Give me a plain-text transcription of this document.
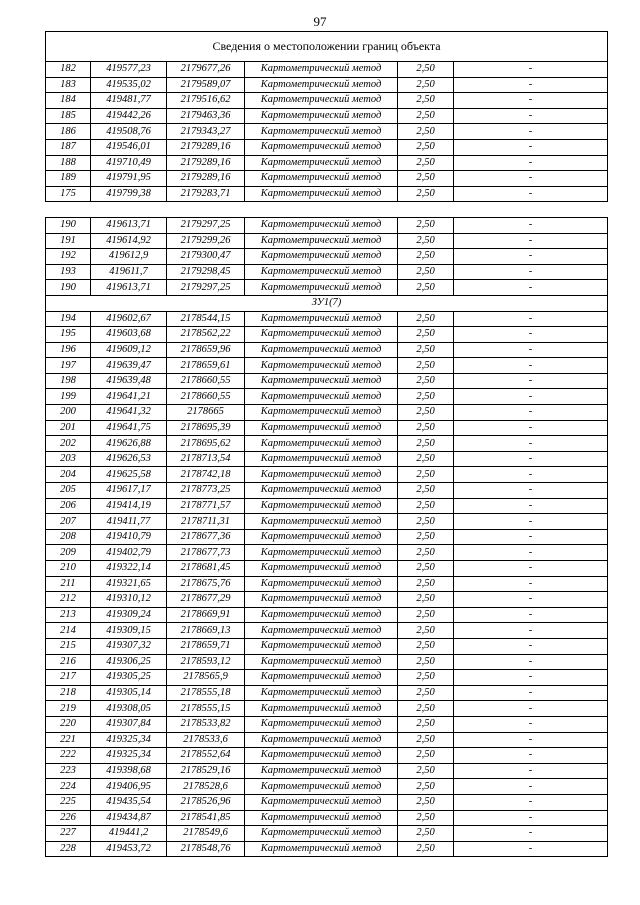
97
Сведения о местоположении границ объекта					
182	419577,23	2179677,26	Картометрический метод	2,50	-
183	419535,02	2179589,07	Картометрический метод	2,50	-
184	419481,77	2179516,62	Картометрический метод	2,50	-
185	419442,26	2179463,36	Картометрический метод	2,50	-
186	419508,76	2179343,27	Картометрический метод	2,50	-
187	419546,01	2179289,16	Картометрический метод	2,50	-
188	419710,49	2179289,16	Картометрический метод	2,50	-
189	419791,95	2179289,16	Картометрический метод	2,50	-
175	419799,38	2179283,71	Картометрический метод	2,50	-

190	419613,71	2179297,25	Картометрический метод	2,50	-
191	419614,92	2179299,26	Картометрический метод	2,50	-
192	419612,9	2179300,47	Картометрический метод	2,50	-
193	419611,7	2179298,45	Картометрический метод	2,50	-
190	419613,71	2179297,25	Картометрический метод	2,50	-
ЗУ1(7)					
194	419602,67	2178544,15	Картометрический метод	2,50	-
195	419603,68	2178562,22	Картометрический метод	2,50	-
196	419609,12	2178659,96	Картометрический метод	2,50	-
197	419639,47	2178659,61	Картометрический метод	2,50	-
198	419639,48	2178660,55	Картометрический метод	2,50	-
199	419641,21	2178660,55	Картометрический метод	2,50	-
200	419641,32	2178665	Картометрический метод	2,50	-
201	419641,75	2178695,39	Картометрический метод	2,50	-
202	419626,88	2178695,62	Картометрический метод	2,50	-
203	419626,53	2178713,54	Картометрический метод	2,50	-
204	419625,58	2178742,18	Картометрический метод	2,50	-
205	419617,17	2178773,25	Картометрический метод	2,50	-
206	419414,19	2178771,57	Картометрический метод	2,50	-
207	419411,77	2178711,31	Картометрический метод	2,50	-
208	419410,79	2178677,36	Картометрический метод	2,50	-
209	419402,79	2178677,73	Картометрический метод	2,50	-
210	419322,14	2178681,45	Картометрический метод	2,50	-
211	419321,65	2178675,76	Картометрический метод	2,50	-
212	419310,12	2178677,29	Картометрический метод	2,50	-
213	419309,24	2178669,91	Картометрический метод	2,50	-
214	419309,15	2178669,13	Картометрический метод	2,50	-
215	419307,32	2178659,71	Картометрический метод	2,50	-
216	419306,25	2178593,12	Картометрический метод	2,50	-
217	419305,25	2178565,9	Картометрический метод	2,50	-
218	419305,14	2178555,18	Картометрический метод	2,50	-
219	419308,05	2178555,15	Картометрический метод	2,50	-
220	419307,84	2178533,82	Картометрический метод	2,50	-
221	419325,34	2178533,6	Картометрический метод	2,50	-
222	419325,34	2178552,64	Картометрический метод	2,50	-
223	419398,68	2178529,16	Картометрический метод	2,50	-
224	419406,95	2178528,6	Картометрический метод	2,50	-
225	419435,54	2178526,96	Картометрический метод	2,50	-
226	419434,87	2178541,85	Картометрический метод	2,50	-
227	419441,2	2178549,6	Картометрический метод	2,50	-
228	419453,72	2178548,76	Картометрический метод	2,50	-
